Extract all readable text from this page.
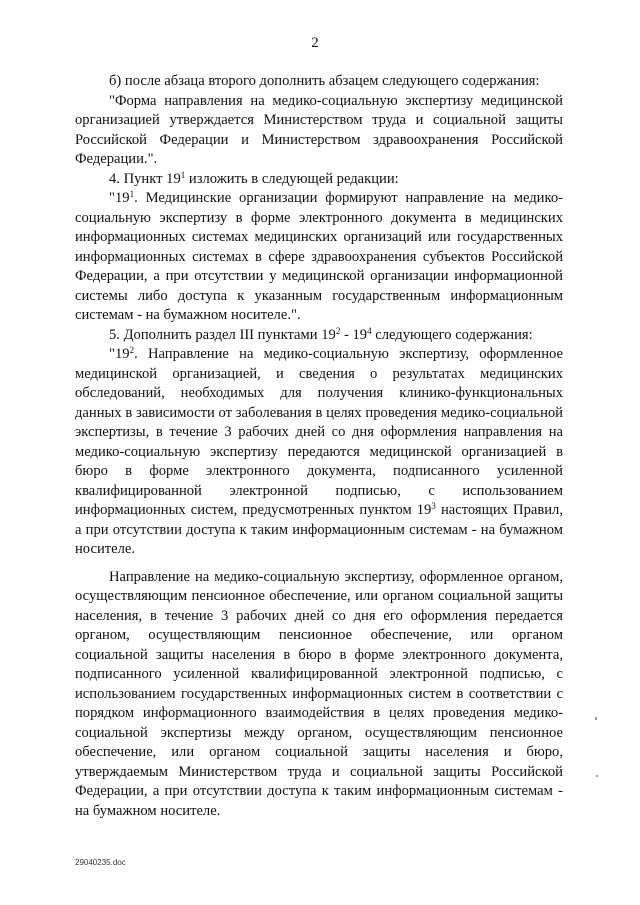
2

б) после абзаца второго дополнить абзацем следующего содержания:

"Форма направления на медико-социальную экспертизу медицинской организацией утверждается Министерством труда и социальной защиты Российской Федерации и Министерством здравоохранения Российской Федерации.".

4. Пункт $19^1$ изложить в следующей редакции:

"$19^1$. Медицинские организации формируют направление на медико-социальную экспертизу в форме электронного документа в медицинских информационных системах медицинских организаций или государственных информационных системах в сфере здравоохранения субъектов Российской Федерации, а при отсутствии у медицинской организации информационной системы либо доступа к указанным государственным информационным системам - на бумажном носителе.".

5. Дополнить раздел III пунктами $19^2 - 19^4$ следующего содержания:

"$19^2$. Направление на медико-социальную экспертизу, оформленное медицинской организацией, и сведения о результатах медицинских обследований, необходимых для получения клинико-функциональных данных в зависимости от заболевания в целях проведения медико-социальной экспертизы, в течение 3 рабочих дней со дня оформления направления на медико-социальную экспертизу передаются медицинской организацией в бюро в форме электронного документа, подписанного усиленной квалифицированной электронной подписью, с использованием информационных систем, предусмотренных пунктом $19^3$ настоящих Правил, а при отсутствии доступа к таким информационным системам - на бумажном носителе.

Направление на медико-социальную экспертизу, оформленное органом, осуществляющим пенсионное обеспечение, или органом социальной защиты населения, в течение 3 рабочих дней со дня его оформления передается органом, осуществляющим пенсионное обеспечение, или органом социальной защиты населения в бюро в форме электронного документа, подписанного усиленной квалифицированной электронной подписью, с использованием государственных информационных систем в соответствии с порядком информационного взаимодействия в целях проведения медико-социальной экспертизы между органом, осуществляющим пенсионное обеспечение, или органом социальной защиты населения и бюро, утверждаемым Министерством труда и социальной защиты Российской Федерации, а при отсутствии доступа к таким информационным системам - на бумажном носителе.

29040235.doc
